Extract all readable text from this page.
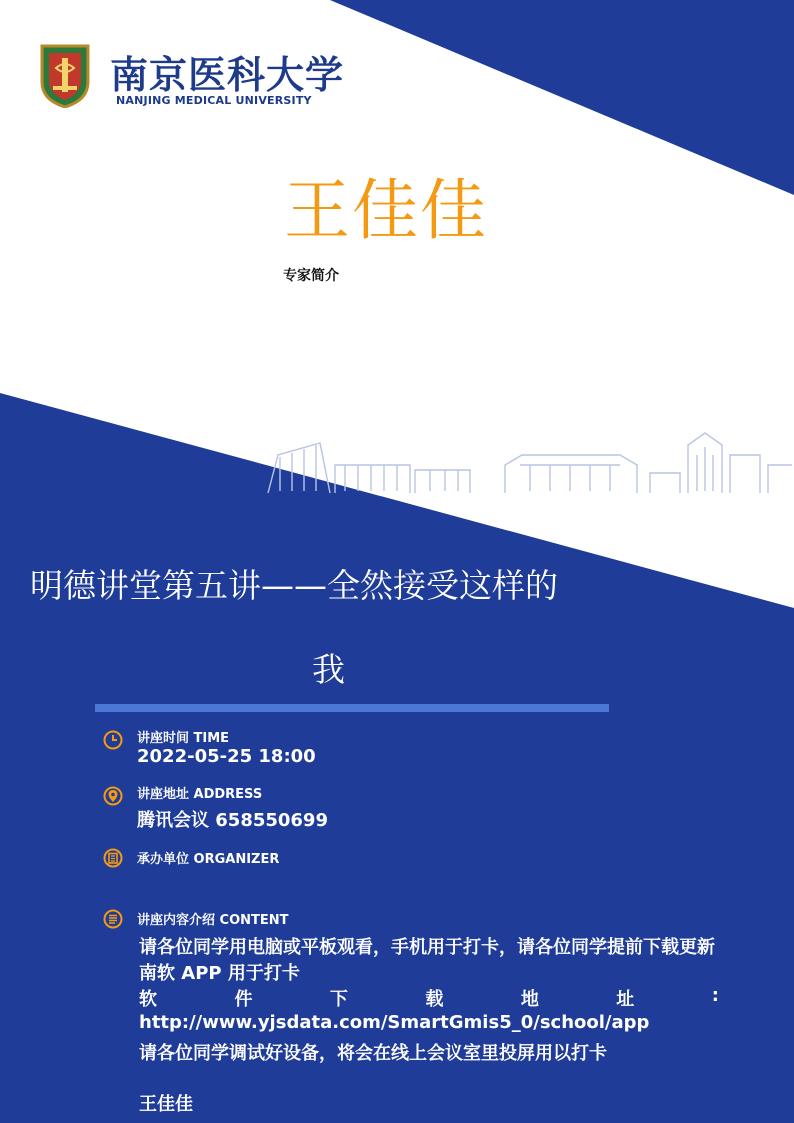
南京医科大学
NANJING MEDICAL UNIVERSITY
王佳佳
专家简介
明德讲堂第五讲——全然接受这样的
我
讲座时间 TIME
2022-05-25 18:00
讲座地址 ADDRESS
腾讯会议 658550699
承办单位 ORGANIZER
讲座内容介绍 CONTENT
请各位同学用电脑或平板观看，手机用于打卡，请各位同学提前下载更新
南软 APP 用于打卡
软	件	下	载	地	址	:
http://www.yjsdata.com/SmartGmis5_0/school/app
请各位同学调试好设备，将会在线上会议室里投屏用以打卡
王佳佳
